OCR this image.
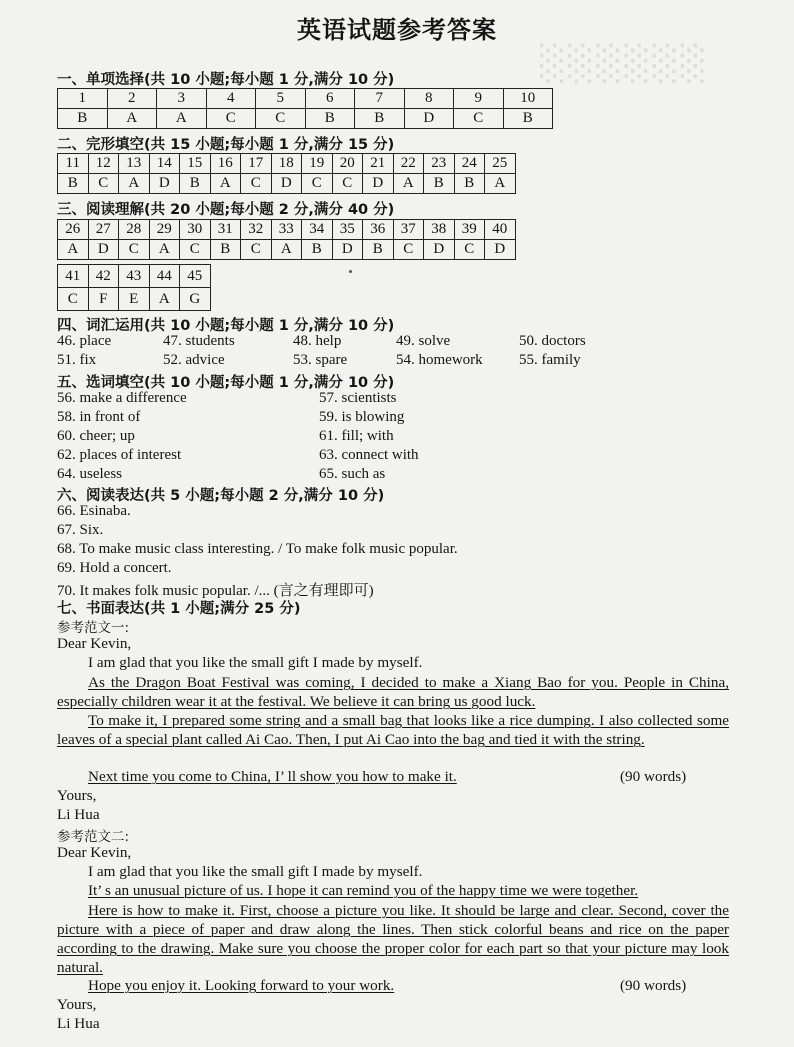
░░░░░░
英语试题参考答案
一、单项选择(共 10 小题;每小题 1 分,满分 10 分)
1	2	3	4	5	6	7	8	9	10
B	A	A	C	C	B	B	D	C	B
二、完形填空(共 15 小题;每小题 1 分,满分 15 分)
11	12	13	14	15	16	17	18	19	20	21	22	23	24	25
B	C	A	D	B	A	C	D	C	C	D	A	B	B	A
三、阅读理解(共 20 小题;每小题 2 分,满分 40 分)
26	27	28	29	30	31	32	33	34	35	36	37	38	39	40
A	D	C	A	C	B	C	A	B	D	B	C	D	C	D
41	42	43	44	45
C	F	E	A	G
四、词汇运用(共 10 小题;每小题 1 分,满分 10 分)
46. place	47. students	48. help	49. solve	50. doctors
51. fix	52. advice	53. spare	54. homework 55. family
五、选词填空(共 10 小题;每小题 1 分,满分 10 分)
56. make a difference	57. scientists
58. in front of	59. is blowing
60. cheer; up	61. fill; with
62. places of interest	63. connect with
64. useless	65. such as
六、阅读表达(共 5 小题;每小题 2 分,满分 10 分)
66. Esinaba.
67. Six.
68. To make music class interesting. / To make folk music popular.
69. Hold a concert.
70. It makes folk music popular. /... (言之有理即可)
七、书面表达(共 1 小题;满分 25 分)
参考范文一:
Dear Kevin,
I am glad that you like the small gift I made by myself.
As the Dragon Boat Festival was coming, I decided to make a Xiang Bao for you. People in China, especially children wear it at the festival. We believe it can bring us good luck.
To make it, I prepared some string and a small bag that looks like a rice dumping. I also collected some leaves of a special plant called Ai Cao. Then, I put Ai Cao into the bag and tied it with the string.
Next time you come to China, I’ ll show you how to make it.	(90 words)
Yours,
Li Hua
参考范文二:
Dear Kevin,
I am glad that you like the small gift I made by myself.
It’ s an unusual picture of us. I hope it can remind you of the happy time we were together.
Here is how to make it. First, choose a picture you like. It should be large and clear. Second, cover the picture with a piece of paper and draw along the lines. Then stick colorful beans and rice on the paper according to the drawing. Make sure you choose the proper color for each part so that your picture may look natural.
Hope you enjoy it. Looking forward to your work.	(90 words)
Yours,
Li Hua
